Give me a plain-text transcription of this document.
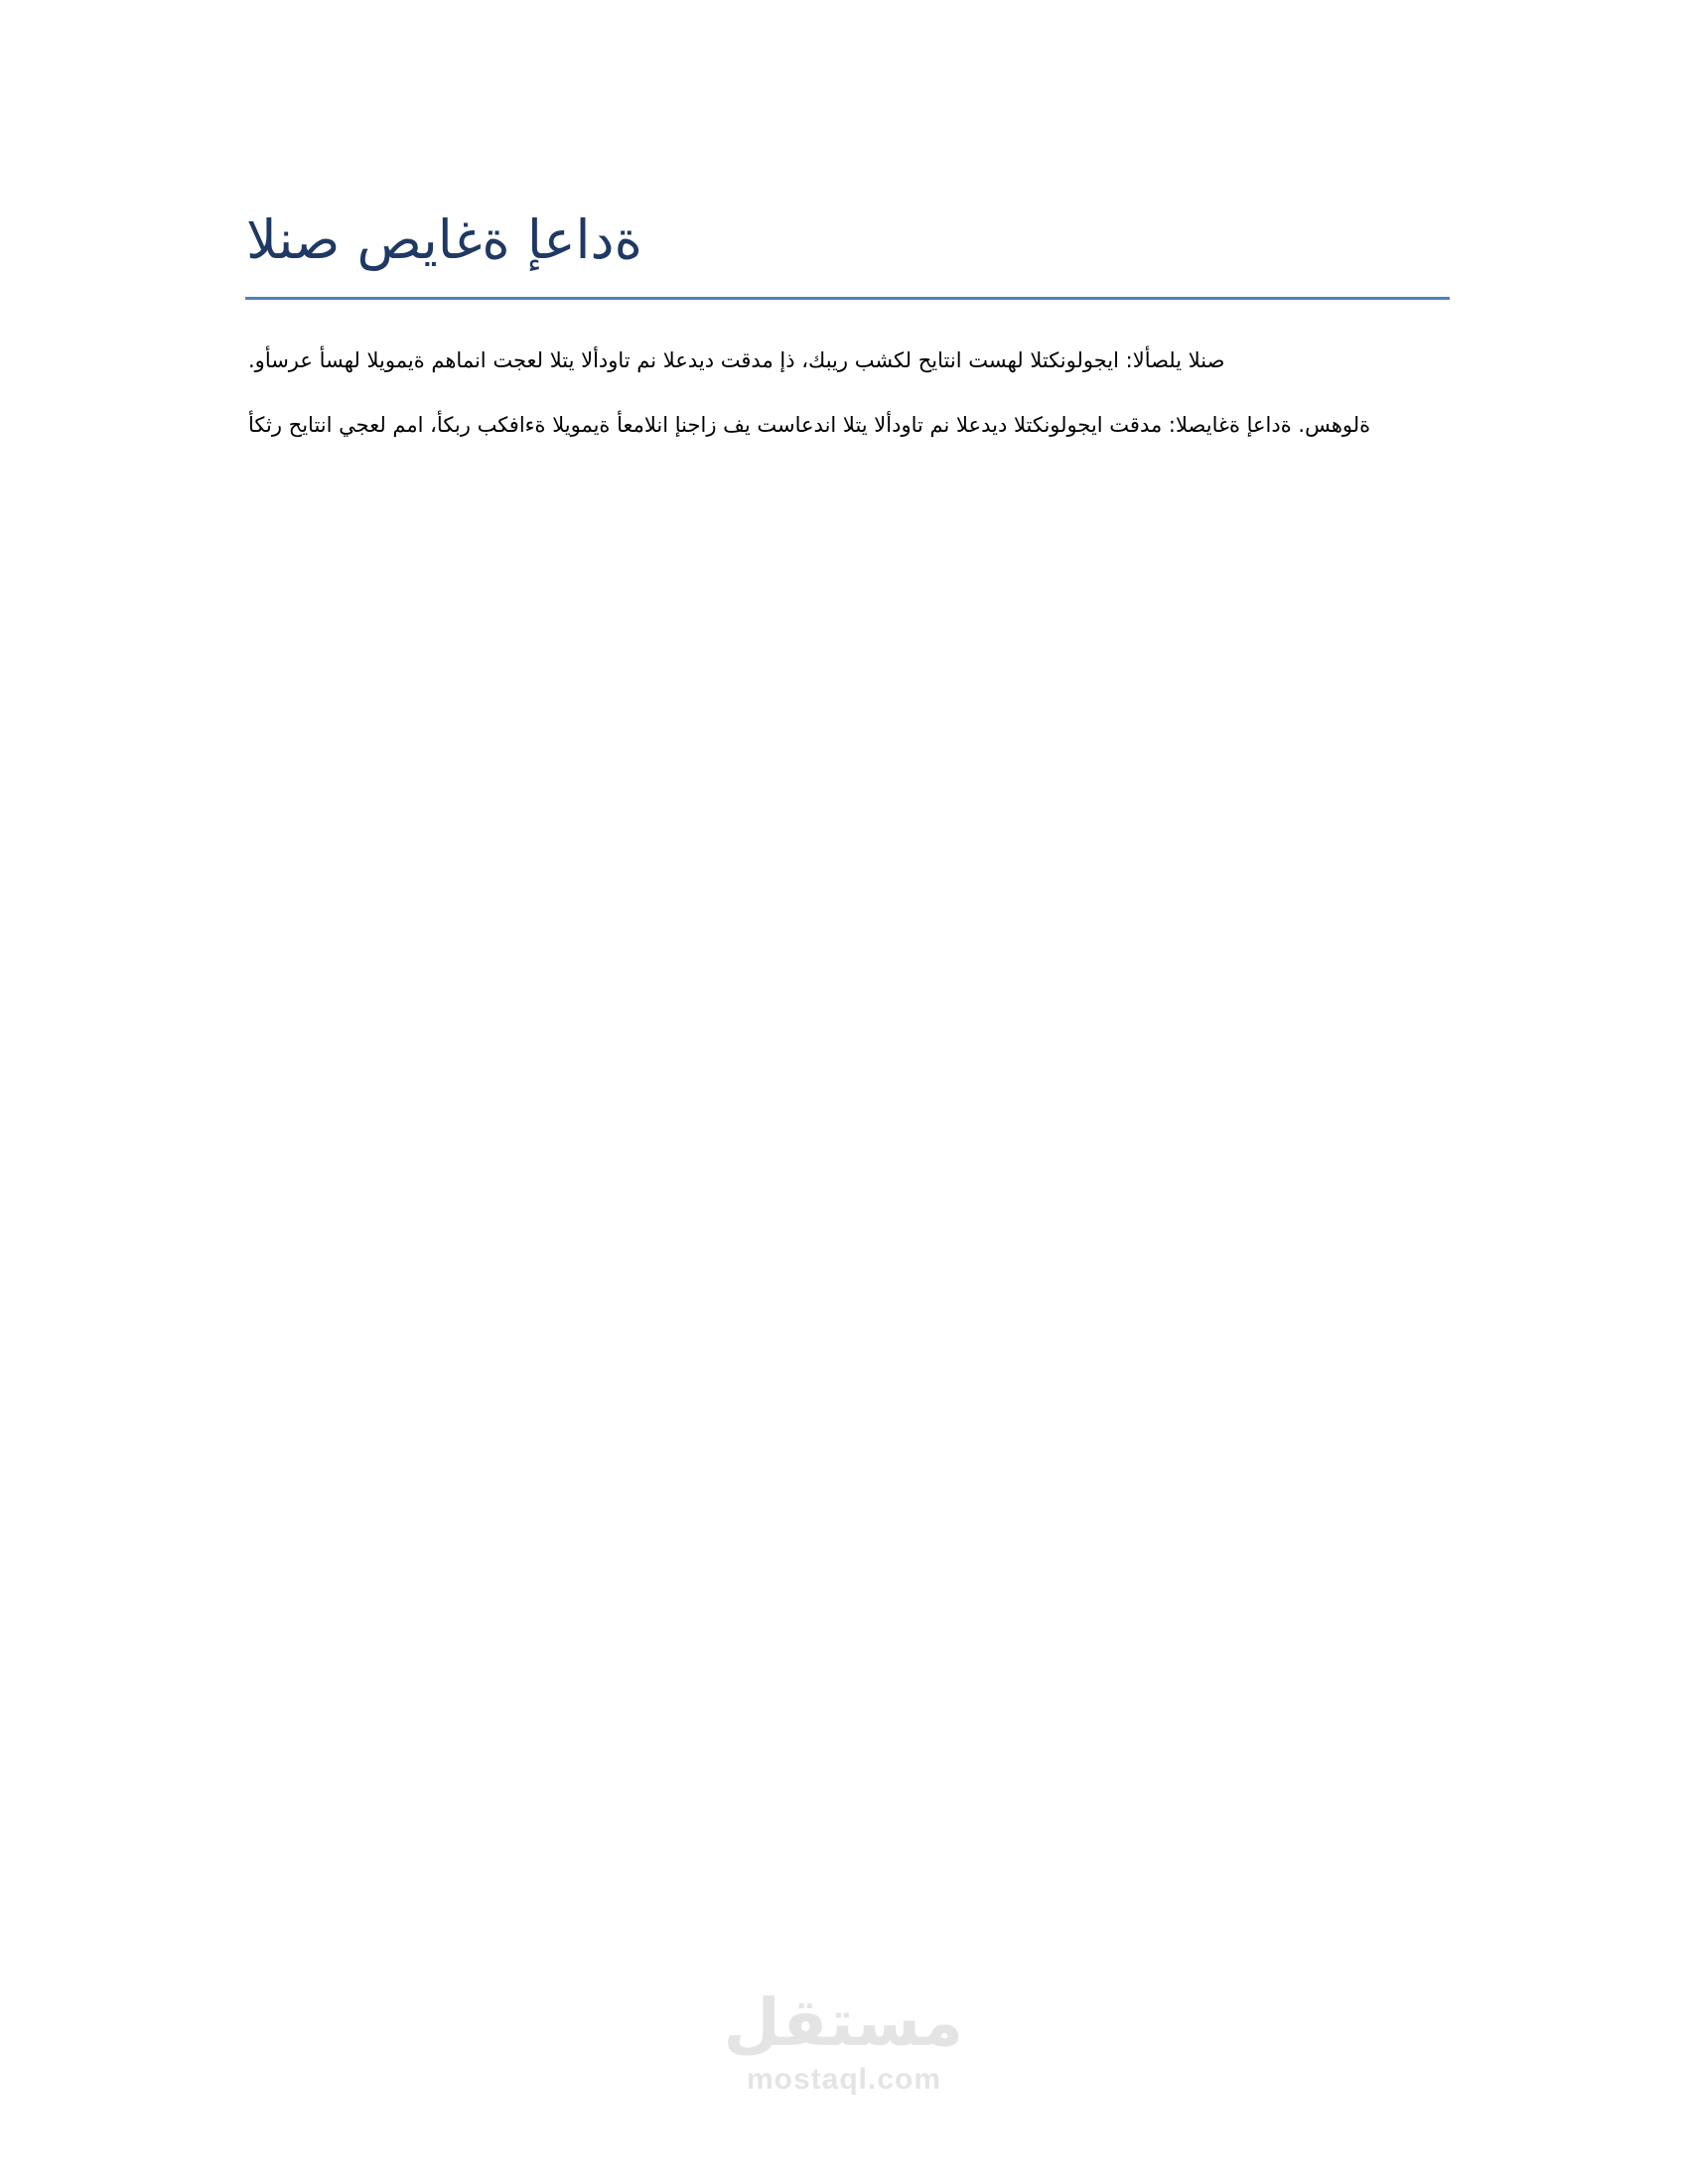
النص صياغة إعادة

.وأسرع أسهل اليومية مهامنا تجعل التي الأدوات من العديد تقدم إذ ،كبير بشكل حياتنا تسهل التكنولوجيا :الأصلي النص

أكثر حياتنا يجعل مما ،أكبر بكفاءة اليومية أعمالنا إنجاز في تساعدنا التي الأدوات من العديد التكنولوجيا تقدم :الصياغة إعادة .سهولة

مستقل
mostaql.com
